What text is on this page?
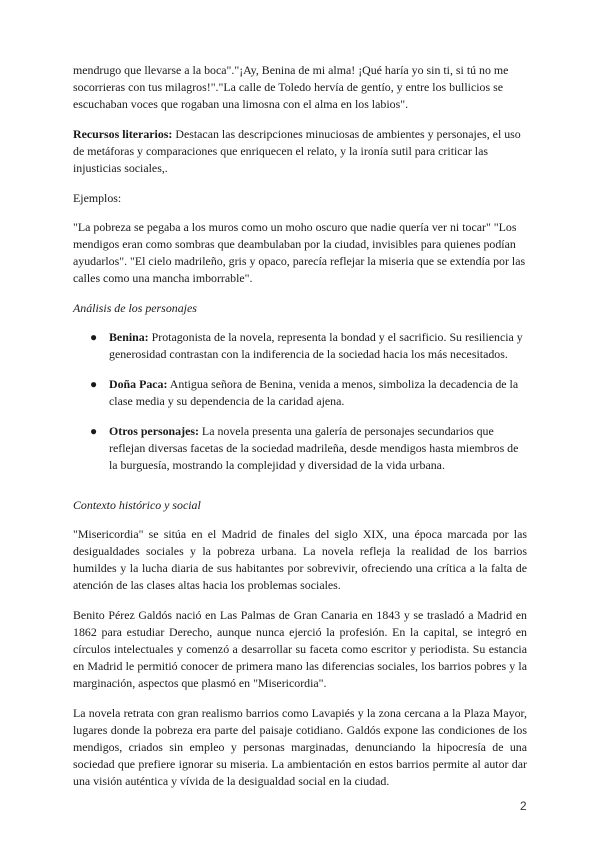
mendrugo que llevarse a la boca"."¡Ay, Benina de mi alma! ¡Qué haría yo sin ti, si tú no me socorrieras con tus milagros!"."La calle de Toledo hervía de gentío, y entre los bullicios se escuchaban voces que rogaban una limosna con el alma en los labios".

Recursos literarios: Destacan las descripciones minuciosas de ambientes y personajes, el uso de metáforas y comparaciones que enriquecen el relato, y la ironía sutil para criticar las injusticias sociales,.

Ejemplos:

"La pobreza se pegaba a los muros como un moho oscuro que nadie quería ver ni tocar" "Los mendigos eran como sombras que deambulaban por la ciudad, invisibles para quienes podían ayudarlos". "El cielo madrileño, gris y opaco, parecía reflejar la miseria que se extendía por las calles como una mancha imborrable".

Análisis de los personajes

● Benina: Protagonista de la novela, representa la bondad y el sacrificio. Su resiliencia y generosidad contrastan con la indiferencia de la sociedad hacia los más necesitados.
● Doña Paca: Antigua señora de Benina, venida a menos, simboliza la decadencia de la clase media y su dependencia de la caridad ajena.
● Otros personajes: La novela presenta una galería de personajes secundarios que reflejan diversas facetas de la sociedad madrileña, desde mendigos hasta miembros de la burguesía, mostrando la complejidad y diversidad de la vida urbana.

Contexto histórico y social

"Misericordia" se sitúa en el Madrid de finales del siglo XIX, una época marcada por las desigualdades sociales y la pobreza urbana. La novela refleja la realidad de los barrios humildes y la lucha diaria de sus habitantes por sobrevivir, ofreciendo una crítica a la falta de atención de las clases altas hacia los problemas sociales.

Benito Pérez Galdós nació en Las Palmas de Gran Canaria en 1843 y se trasladó a Madrid en 1862 para estudiar Derecho, aunque nunca ejerció la profesión. En la capital, se integró en círculos intelectuales y comenzó a desarrollar su faceta como escritor y periodista. Su estancia en Madrid le permitió conocer de primera mano las diferencias sociales, los barrios pobres y la marginación, aspectos que plasmó en "Misericordia".

La novela retrata con gran realismo barrios como Lavapiés y la zona cercana a la Plaza Mayor, lugares donde la pobreza era parte del paisaje cotidiano. Galdós expone las condiciones de los mendigos, criados sin empleo y personas marginadas, denunciando la hipocresía de una sociedad que prefiere ignorar su miseria. La ambientación en estos barrios permite al autor dar una visión auténtica y vívida de la desigualdad social en la ciudad.

2
